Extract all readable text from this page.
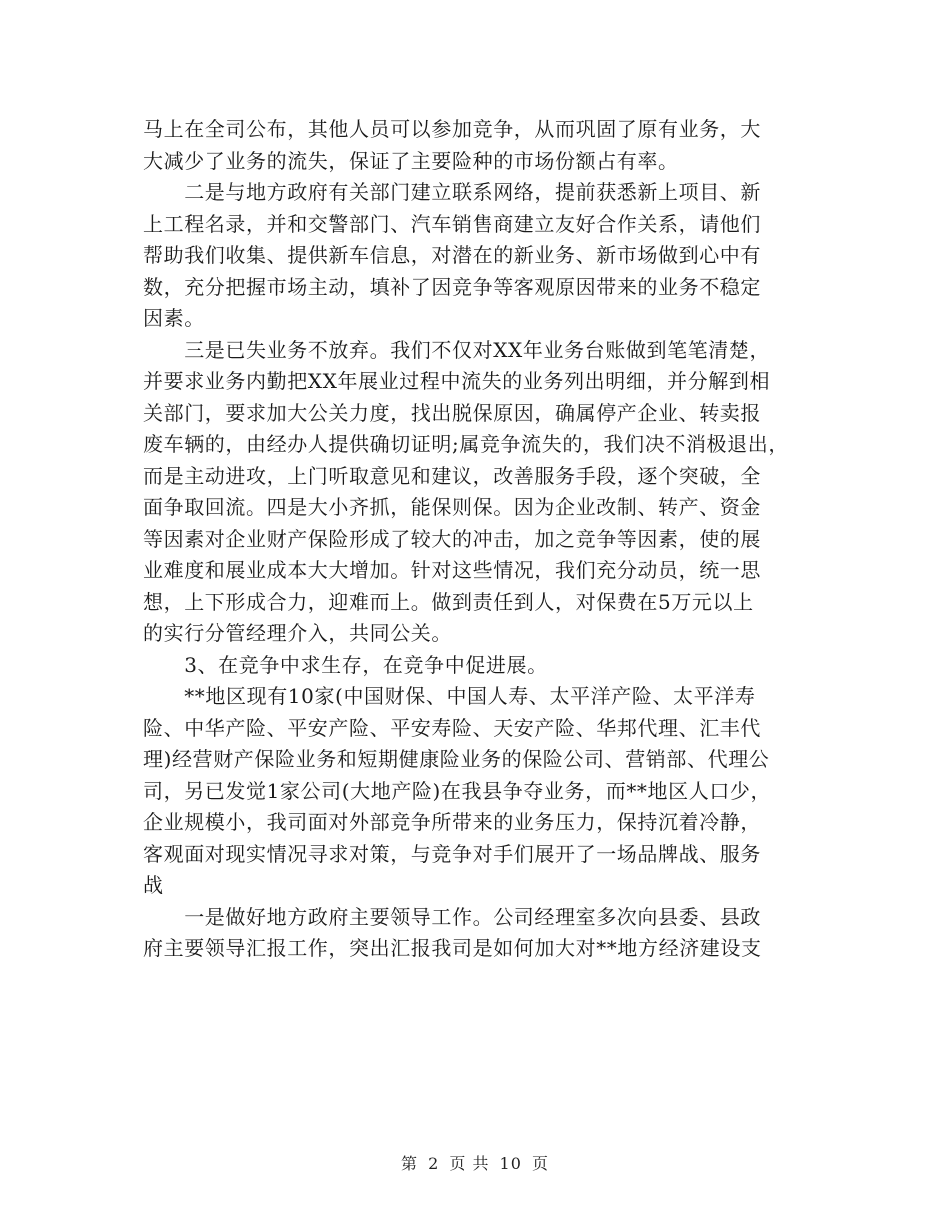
马上在全司公布，其他人员可以参加竞争，从而巩固了原有业务，大
大减少了业务的流失，保证了主要险种的市场份额占有率。
　　二是与地方政府有关部门建立联系网络，提前获悉新上项目、新
上工程名录，并和交警部门、汽车销售商建立友好合作关系，请他们
帮助我们收集、提供新车信息，对潜在的新业务、新市场做到心中有
数，充分把握市场主动，填补了因竞争等客观原因带来的业务不稳定
因素。
　　三是已失业务不放弃。我们不仅对XX年业务台账做到笔笔清楚，
并要求业务内勤把XX年展业过程中流失的业务列出明细，并分解到相
关部门，要求加大公关力度，找出脱保原因，确属停产企业、转卖报
废车辆的，由经办人提供确切证明;属竞争流失的，我们决不消极退出，
而是主动进攻，上门听取意见和建议，改善服务手段，逐个突破，全
面争取回流。四是大小齐抓，能保则保。因为企业改制、转产、资金
等因素对企业财产保险形成了较大的冲击，加之竞争等因素，使的展
业难度和展业成本大大增加。针对这些情况，我们充分动员，统一思
想，上下形成合力，迎难而上。做到责任到人，对保费在5万元以上
的实行分管经理介入，共同公关。
　　3、在竞争中求生存，在竞争中促进展。
　　**地区现有10家(中国财保、中国人寿、太平洋产险、太平洋寿
险、中华产险、平安产险、平安寿险、天安产险、华邦代理、汇丰代
理)经营财产保险业务和短期健康险业务的保险公司、营销部、代理公
司，另已发觉1家公司(大地产险)在我县争夺业务，而**地区人口少，
企业规模小，我司面对外部竞争所带来的业务压力，保持沉着冷静，
客观面对现实情况寻求对策，与竞争对手们展开了一场品牌战、服务
战
　　一是做好地方政府主要领导工作。公司经理室多次向县委、县政
府主要领导汇报工作，突出汇报我司是如何加大对**地方经济建设支
第 2 页 共 10 页
